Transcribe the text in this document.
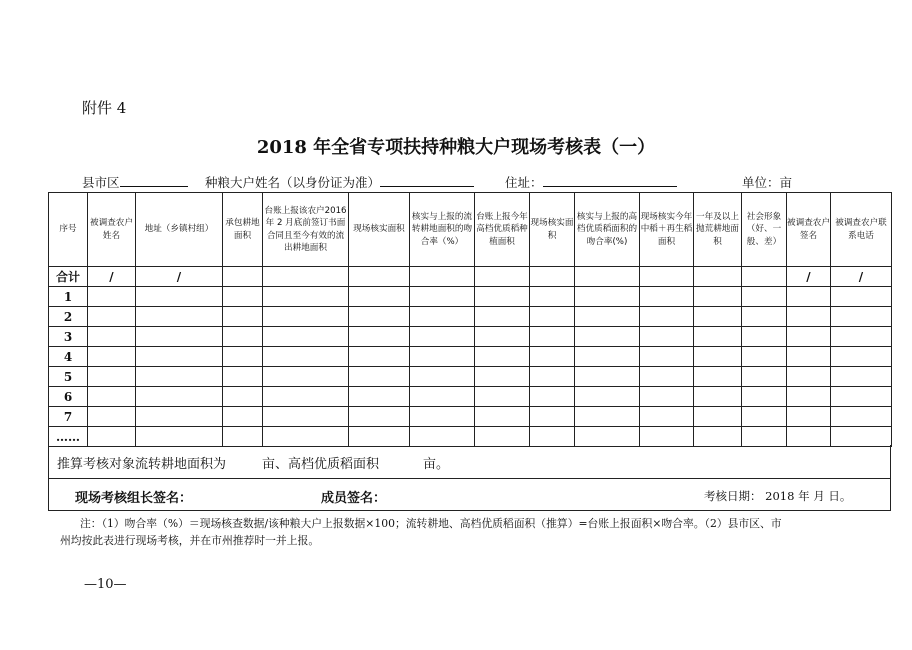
附件 4
2018 年全省专项扶持种粮大户现场考核表（一）
县市区	种粮大户姓名（以身份证为准）	住址：	单位：亩
序号	被调查农户姓名	地址（乡镇村组）	承包耕地面积	台账上报该农户2016 年 2 月底前签订书面合同且至今有效的流出耕地面积	现场核实面积	核实与上报的流转耕地面积的吻合率（%）	台账上报今年高档优质稻种植面积	现场核实面积	核实与上报的高档优质稻面积的吻合率(%)	现场核实今年中稻＋再生稻面积	一年及以上抛荒耕地面积	社会形象（好、一般、差）	被调查农户签名	被调查农户联系电话
合计	/	/											/	/
1														
2														
3														
4														
5														
6														
7														
……														
推算考核对象流转耕地面积为	亩、高档优质稻面积	亩。
现场考核组长签名：	成员签名：	考核日期： 2018 年 月 日。
注：（1）吻合率（%）＝现场核查数据/该种粮大户上报数据×100；流转耕地、高档优质稻面积（推算）=台账上报面积×吻合率。（2）县市区、市
州均按此表进行现场考核，并在市州推荐时一并上报。
—10—
